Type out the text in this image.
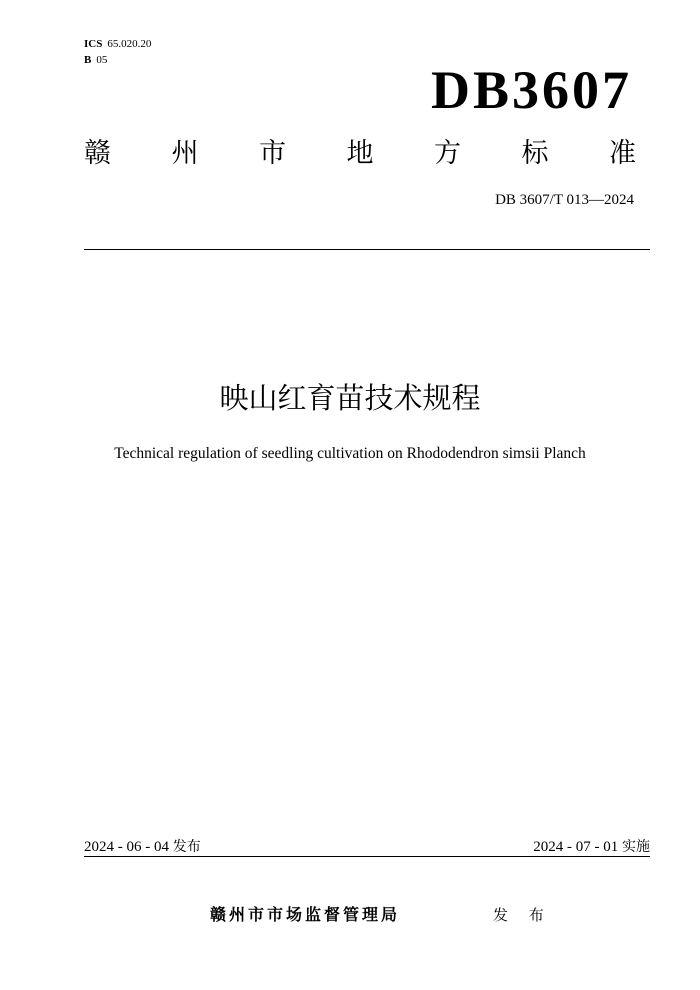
ICS 65.020.20
B 05	DB3607
赣 州 市 地 方 标 准
DB 3607/T 013—2024
映山红育苗技术规程
Technical regulation of seedling cultivation on Rhododendron simsii Planch
2024 - 06 - 04 发布	2024 - 07 - 01 实施
赣州市市场监督管理局	发 布
